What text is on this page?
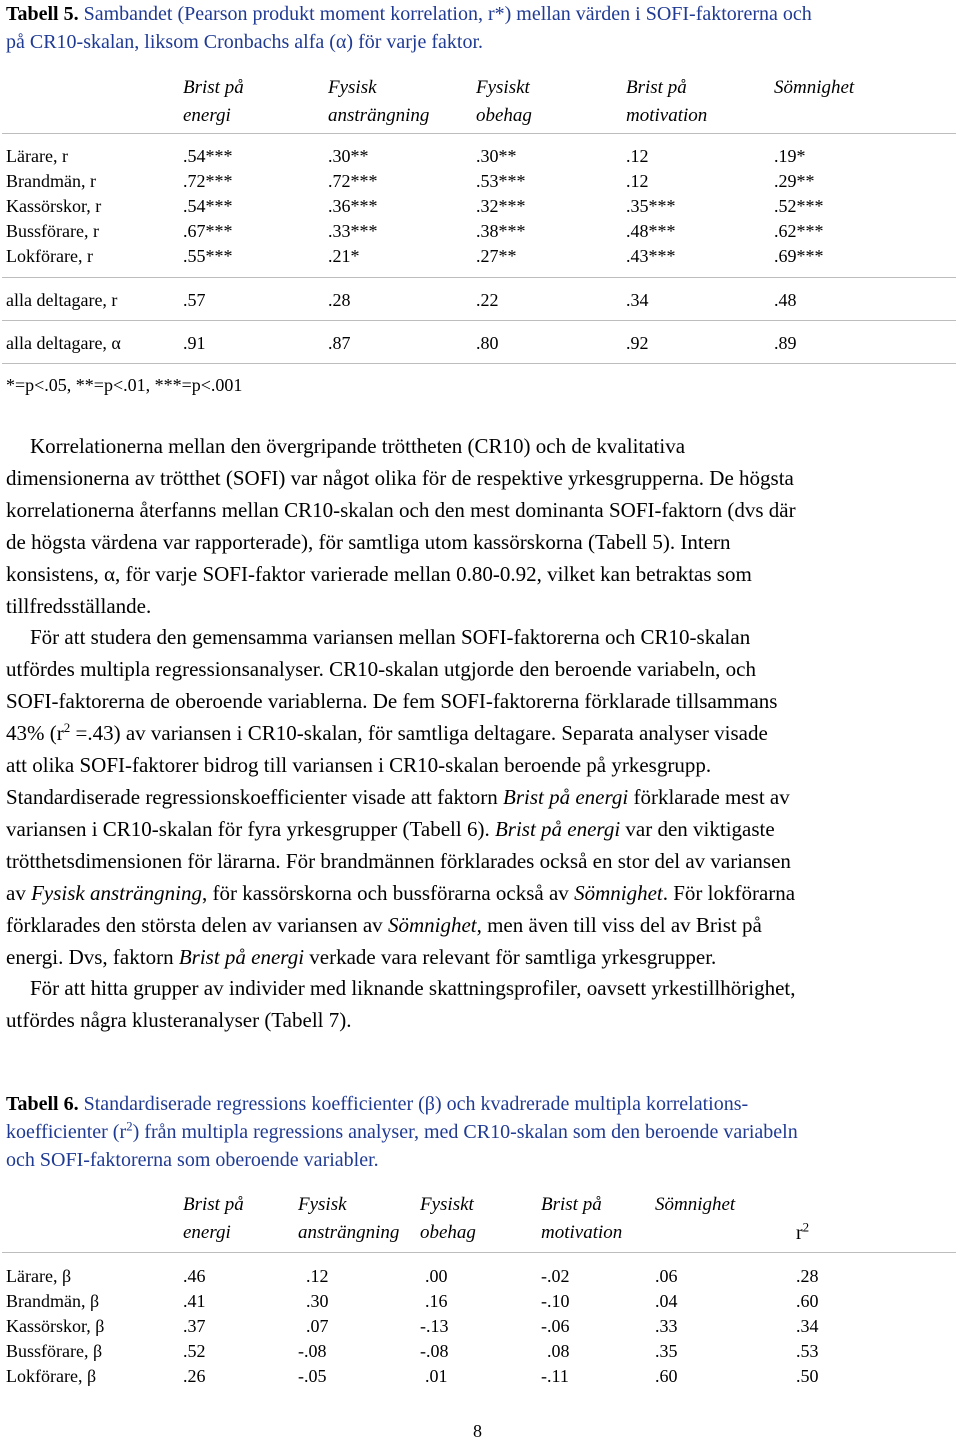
Tabell 5. Sambandet (Pearson produkt moment korrelation, r*) mellan värden i SOFI-faktorerna och
på CR10-skalan, liksom Cronbachs alfa (α) för varje faktor.
Brist på
energi
Fysisk
ansträngning
Fysiskt
obehag
Brist på
motivation
Sömnighet
Lärare, r	.54***	.30**	.30**	.12	.19*
Brandmän, r	.72***	.72***	.53***	.12	.29**
Kassörskor, r	.54***	.36***	.32***	.35***	.52***
Bussförare, r	.67***	.33***	.38***	.48***	.62***
Lokförare, r	.55***	.21*	.27**	.43***	.69***
alla deltagare, r	.57	.28	.22	.34	.48
alla deltagare, α	.91	.87	.80	.92	.89
*=p<.05, **=p<.01, ***=p<.001

Korrelationerna mellan den övergripande tröttheten (CR10) och de kvalitativa

dimensionerna av trötthet (SOFI) var något olika för de respektive yrkesgrupperna. De högsta

korrelationerna återfanns mellan CR10-skalan och den mest dominanta SOFI-faktorn (dvs där

de högsta värdena var rapporterade), för samtliga utom kassörskorna (Tabell 5). Intern

konsistens, α, för varje SOFI-faktor varierade mellan 0.80-0.92, vilket kan betraktas som

tillfredsställande.

För att studera den gemensamma variansen mellan SOFI-faktorerna och CR10-skalan

utfördes multipla regressionsanalyser. CR10-skalan utgjorde den beroende variabeln, och

SOFI-faktorerna de oberoende variablerna. De fem SOFI-faktorerna förklarade tillsammans

43% $(r^2 =.43)$ av variansen i CR10-skalan, för samtliga deltagare. Separata analyser visade

att olika SOFI-faktorer bidrog till variansen i CR10-skalan beroende på yrkesgrupp.

Standardiserade regressionskoefficienter visade att faktorn Brist på energi förklarade mest av

variansen i CR10-skalan för fyra yrkesgrupper (Tabell 6). Brist på energi var den viktigaste

trötthetsdimensionen för lärarna. För brandmännen förklarades också en stor del av variansen

av Fysisk ansträngning, för kassörskorna och bussförarna också av Sömnighet. För lokförarna

förklarades den största delen av variansen av Sömnighet, men även till viss del av Brist på

energi. Dvs, faktorn Brist på energi verkade vara relevant för samtliga yrkesgrupper.

För att hitta grupper av individer med liknande skattningsprofiler, oavsett yrkestillhörighet,

utfördes några klusteranalyser (Tabell 7).

Tabell 6. Standardiserade regressions koefficienter (β) och kvadrerade multipla korrelations-
koefficienter $(r^2)$ från multipla regressions analyser, med CR10-skalan som den beroende variabeln
och SOFI-faktorerna som oberoende variabler.
Brist på
energi
Fysisk
ansträngning
Fysiskt
obehag
Brist på
motivation
Sömnighet
$r^2$
Lärare, β	.46	.12	.00	-.02	.06	.28
Brandmän, β	.41	.30	.16	-.10	.04	.60
Kassörskor, β	.37	.07	-.13	-.06	.33	.34
Bussförare, β	.52	-.08	-.08	.08	.35	.53
Lokförare, β	.26	-.05	.01	-.11	.60	.50
8
